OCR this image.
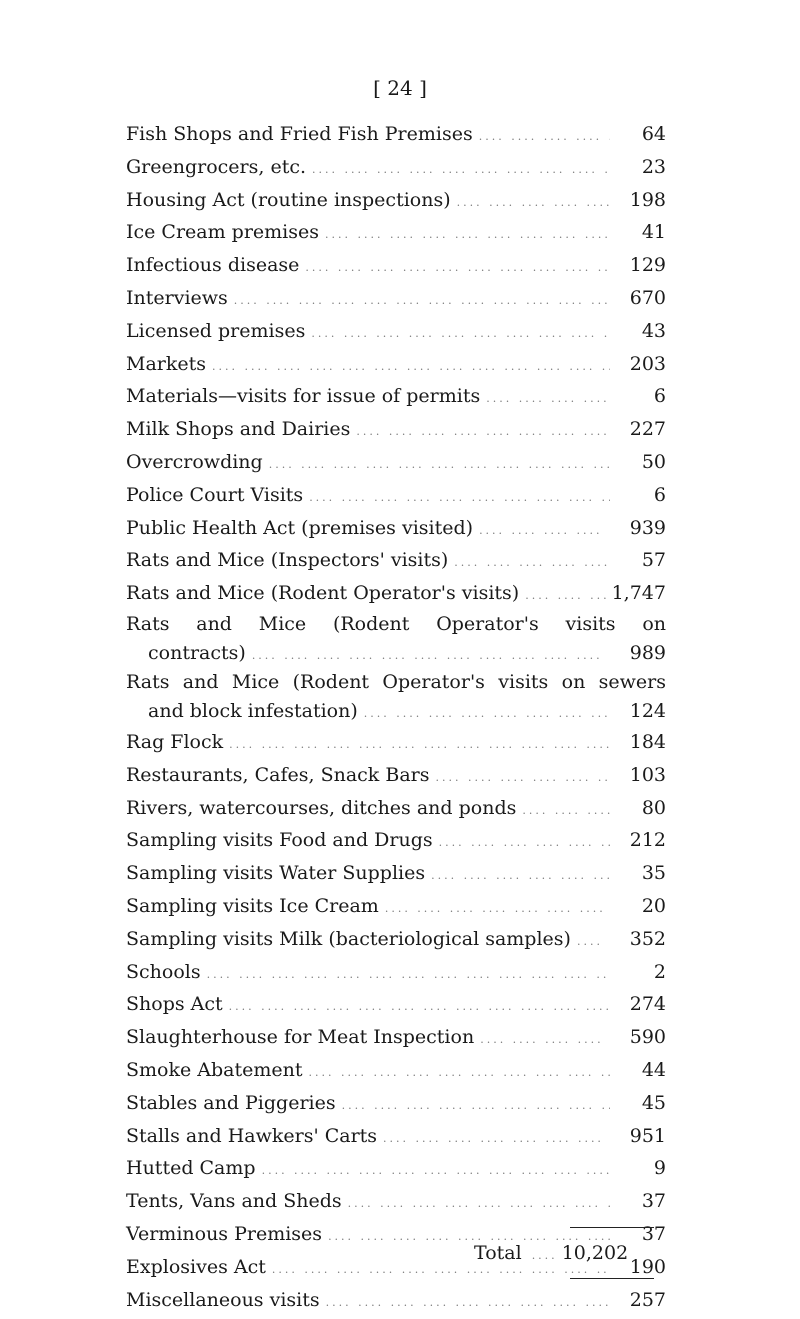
[ 24 ]
Fish Shops and Fried Fish Premises ....	64
Greengrocers, etc. ....	23
Housing Act (routine inspections) ....	198
Ice Cream premises ....	41
Infectious disease ....	129
Interviews ....	670
Licensed premises ....	43
Markets ....	203
Materials—visits for issue of permits ....	6
Milk Shops and Dairies ....	227
Overcrowding ....	50
Police Court Visits ....	6
Public Health Act (premises visited) ....	939
Rats and Mice (Inspectors' visits) ....	57
Rats and Mice (Rodent Operator's visits) ....	1,747
Rats and Mice (Rodent Operator's visits on
contracts) ....	989
Rats and Mice (Rodent Operator's visits on sewers
and block infestation) ....	124
Rag Flock ....	184
Restaurants, Cafes, Snack Bars ....	103
Rivers, watercourses, ditches and ponds ....	80
Sampling visits Food and Drugs ....	212
Sampling visits Water Supplies ....	35
Sampling visits Ice Cream ....	20
Sampling visits Milk (bacteriological samples) ....	352
Schools ....	2
Shops Act ....	274
Slaughterhouse for Meat Inspection ....	590
Smoke Abatement ....	44
Stables and Piggeries ....	45
Stalls and Hawkers' Carts ....	951
Hutted Camp ....	9
Tents, Vans and Sheds ....	37
Verminous Premises ....	37
Explosives Act ....	190
Miscellaneous visits ....	257
Total .... 10,202
